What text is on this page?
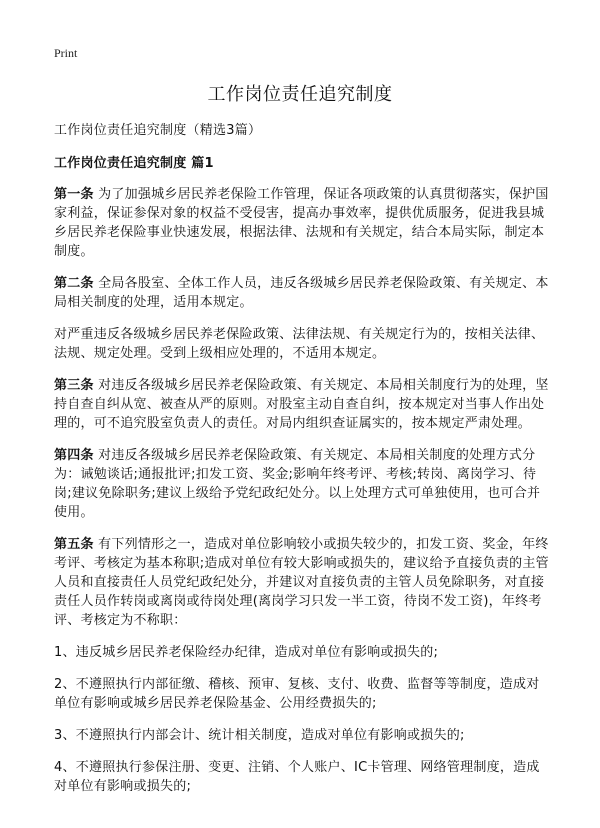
Print
工作岗位责任追究制度

工作岗位责任追究制度（精选3篇）

工作岗位责任追究制度 篇1

第一条 为了加强城乡居民养老保险工作管理，保证各项政策的认真贯彻落实，保护国家利益，保证参保对象的权益不受侵害，提高办事效率，提供优质服务，促进我县城乡居民养老保险事业快速发展，根据法律、法规和有关规定，结合本局实际，制定本制度。

第二条 全局各股室、全体工作人员，违反各级城乡居民养老保险政策、有关规定、本局相关制度的处理，适用本规定。

对严重违反各级城乡居民养老保险政策、法律法规、有关规定行为的，按相关法律、法规、规定处理。受到上级相应处理的，不适用本规定。

第三条 对违反各级城乡居民养老保险政策、有关规定、本局相关制度行为的处理，坚持自查自纠从宽、被查从严的原则。对股室主动自查自纠，按本规定对当事人作出处理的，可不追究股室负责人的责任。对局内组织查证属实的，按本规定严肃处理。

第四条 对违反各级城乡居民养老保险政策、有关规定、本局相关制度的处理方式分为：诫勉谈话;通报批评;扣发工资、奖金;影响年终考评、考核;转岗、离岗学习、待岗;建议免除职务;建议上级给予党纪政纪处分。以上处理方式可单独使用，也可合并使用。

第五条 有下列情形之一，造成对单位影响较小或损失较少的，扣发工资、奖金，年终考评、考核定为基本称职;造成对单位有较大影响或损失的，建议给予直接负责的主管人员和直接责任人员党纪政纪处分，并建议对直接负责的主管人员免除职务，对直接责任人员作转岗或离岗或待岗处理(离岗学习只发一半工资，待岗不发工资)，年终考评、考核定为不称职：

1、违反城乡居民养老保险经办纪律，造成对单位有影响或损失的;

2、不遵照执行内部征缴、稽核、预审、复核、支付、收费、监督等等制度，造成对单位有影响或城乡居民养老保险基金、公用经费损失的;

3、不遵照执行内部会计、统计相关制度，造成对单位有影响或损失的;

4、不遵照执行参保注册、变更、注销、个人账户、IC卡管理、网络管理制度，造成对单位有影响或损失的;
